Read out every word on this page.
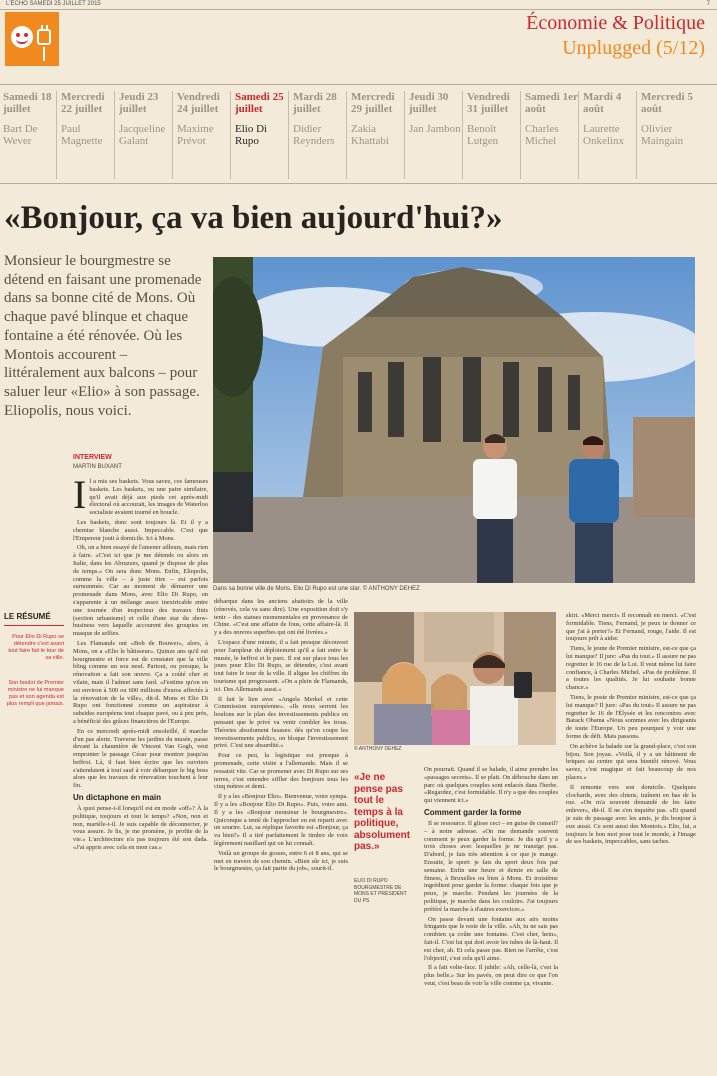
L'ÉCHO SAMEDI 25 JUILLET 2015	7
Économie & Politique
Unplugged (5/12)
Samedi 18 juillet
Bart De Wever
Mercredi 22 juillet
Paul Magnette
Jeudi 23 juillet
Jacqueline Galant
Vendredi 24 juillet
Maxime Prévot
Samedi 25 juillet
Elio Di Rupo
Mardi 28 juillet
Didier Reynders
Mercredi 29 juillet
Zakia Khattabi
Jeudi 30 juillet
Jan Jambon
Vendredi 31 juillet
Benoît Lutgen
Samedi 1er août
Charles Michel
Mardi 4 août
Laurette Onkelinx
Mercredi 5 août
Olivier Maingain
«Bonjour, ça va bien aujourd'hui?»
Monsieur le bourgmestre se détend en faisant une promenade dans sa bonne cité de Mons. Où chaque pavé blinque et chaque fontaine a été rénovée. Où les Montois accourent – littéralement aux balcons – pour saluer leur «Elio» à son passage. Eliopolis, nous voici.
Dans sa bonne ville de Mons, Elio Di Rupo est une star. © ANTHONY DEHEZ
INTERVIEW
MARTIN BUXANT
I l a mis ses baskets. Vous savez, ces fameuses baskets. Les baskets, ou une paire similaire, qu'il avait déjà aux pieds cet après-midi électoral où accourait, les images de Waterloo socialiste avaient tourné en boucle.

Les baskets, donc sont toujours là. Et il y a chemise blanche aussi. Impeccable. C'est que l'Empereur jouit à domicile. Ici à Mons.

Oh, on a bien essayé de l'amener ailleurs, mais rien à faire. «C'est ici que je me détends ou alors en Italie, dans les Abruzzes, quand je dispose de plus de temps.» On sera donc Mons. Enfin, Eliopolis, comme la ville – à juste titre – est parfois surnommée. Car au moment de démarrer une promenade dans Mons, avec Elio Di Rupo, on s'apparente à un mélange assez inextricable entre une tournée d'un inspecteur des travaux finis (section urbanisme) et celle d'une star du show-business vers laquelle accourent des groupies en masque de selfies.

Les Flamands ont «Bob de Bouwer», alors, à Mons, on a «Elio le bâtisseur». Quinze ans qu'il est bourgmestre et force est de constater que la ville bling comme un sou neuf. Partout, ou presque, la rénovation a fait son œuvre. Ça a coûté cher et vilain, mais il l'admet sans fard. «J'estime qu'on en est environ à 500 ou 600 millions d'euros affectés à la rénovation de la ville», dit-il. Mons et Elio Di Rupo ont fonctionné comme un aspirateur à subsides européens tout chaque pavé, ou à peu près, a bénéficié des grâces financières de l'Europe.

En ce mercredi après-midi ensoleillé, il marche d'un pas alerte. Traverse les jardins du musée, passe devant la chaumière de Vincent Van Gogh, veut emprunter le passage César pour montrer jusqu'au beffroi. Là, il faut bien écrire que les ouvriers s'attendaient à tout sauf à voir débarquer le big boss alors que les travaux de rénovation touchent à leur fin.

Un dictaphone en main

À quoi pense-t-il lorsqu'il est en mode «off»? À la politique, toujours et tout le temps? «Non, non et non, martèle-t-il. Je suis capable de déconnecter, je vous assure. Je lis, je me promène, je profite de la vie.» L'architecture n'a pas toujours été son dada. «J'ai appris avec cela en mon cas.»

débarque dans les anciens abattoirs de la ville (rénovés, cela va sans dire). Une exposition doit s'y tenir – des statues monumentales en provenance de Chine. «C'est une affaire de fous, cette affaire-là. Il y a des œuvres superbes qui ont été livrées.»

L'espace d'une minute, il a fait presque découvert pour l'ampleur du déploiement qu'il a fait entre le musée, le beffroi et le parc. Il est sur place tous les jours pour Elio Di Rupo, se détendre, c'est avant tout faire le tour de la ville. Il aligne les chiffres du tourisme qui progressent. «On a plein de Flamands, ici. Des Allemands aussi.»

Il fait le lien avec «Angela Merkel et cette Commission européenne». «Ils nous serrent les boulons sur le plan des investissements publics en pensant que le privé va venir combler les trous. Théories absolument fausses: dès qu'on coupe les investissements publics, on bloque l'investissement privé. C'est une absurdité.»

Pour ce peu, la logistique est presque à promenade, cette visite a l'allemande. Mais il se ressaisit vite. Car se promener avec Di Rupo sur ses terres, c'est entendre siffler des bonjours tous les cinq mètres et demi.

Il y a les «Bonjour Elio». Bienvenue, votre sympa. Il y a les «Bonjour Elio Di Rupo». Puis, votre ami. Il y a les «Bonjour monsieur le bourgmestre». Quiconque a tenté de l'approcher en est reparti avec un sourire. Lui, sa réplique favorite est «Bonjour, ça va bien?» Il a tiré parfaitement le timbre de voix légèrement nasillard qui on lui connaît.

Voilà un groupe de gosses, entre 6 et 8 ans, qui se met en travers de son chemin. «Bien sûr ici, je suis le bourgmestre, ça fait partie du job», sourit-il.

LE RÉSUMÉ
Pour Elio Di Rupo se détendre c'est avant tout faire fait le tour de sa ville.
Son boulot de Premier ministre ne lui manque pas et son agenda est plus rempli que jamais.
© ANTHONY DEHEZ
«Je ne pense pas tout le temps à la politique, absolument pas.»
ELIO DI RUPO BOURGMESTRE DE MONS ET PRÉSIDENT DU PS

On pourrait. Quand il se balade, il aime prendre les «passages secrets». Il se plait. On débouche dans un parc où quelques couples sont enlacés dans l'herbe. «Regardez, c'est formidable. Il n'y a que des couples qui viennent ici.»

Comment garder la forme

Il se ressource. Il glisse ceci – en guise de conseil? – à notre adresse. «On me demande souvent comment je peux garder la forme. Je dis qu'il y a trois choses avec lesquelles je ne transige pas. D'abord, je fais très attention à ce que je mange. Ensuite, le sport: je fais du sport deux fois par semaine. Enfin une heure et demie en salle de fitness, à Bruxelles ou bien à Mons. Et troisième ingrédient pour garder la forme: chaque fois que je peux, je marche. Pendant les journées de la politique, je marche dans les couloirs. J'ai toujours préféré la marche à d'autres exercices.»

On passe devant une fontaine aux airs moins fringants que le reste de la ville. «Ah, tu ne sais pas combien ça coûte une fontaine. C'est cher, hein», fait-il. C'est lui qui doit avoir les tubes de là-haut. Il est cher, ah. Et cela passe pas. Rien ne l'arrête, c'est l'objectif, c'est cela qu'il aime.

Il a fait volte-face. Il jubile: «Ah, celle-là, c'est la plus belle.» Sur les pavés, on peut dire ce que l'on veut, c'est beau de voir la ville comme ça, vivante.

skirt. «Merci merci» Il reconnaît en merci. «C'est formidable. Tiens, Fernand, je peux te donner ce que j'ai à porter?» Et Fernand, rouge, l'aide. Il est toujours prêt à aider.

Tiens, le jeune de Premier ministre, est-ce que ça lui manque? Il jure: «Pas du tout.» Il assure ne pas regretter le 16 rue de la Loi. Il veut même lui faire confiance, à Charles Michel. «Pas de problème. Il a toutes les qualités. Je lui souhaite bonne chance.»

Tiens, le poste de Premier ministre, est-ce que ça lui manque? Il jure: «Pas du tout» Il assure ne pas regretter le 16 de l'Élysée et les rencontres avec Barack Obama «Nous sommes avec les dirigeants de toute l'Europe. Un peu pourquoi y voir une forme de défi. Mais passons.

On achève la balade sur la grand-place, c'est son bijou. Son joyau. «Voilà, il y a un bâtiment de briques au centre qui sera bientôt rénové. Vous savez, c'est magique et fait beaucoup de nos places.»

Il remonte vers son domicile. Quelques clochards, avec des chiens, traînent en bas de la rue. «On m'a souvent demandé de les faire enlever», dit-il. Il ne s'en inquiète pas. «Et quand je suis de passage avec les amis, je dis bonjour à eux aussi. Ce sont aussi des Montois.» Elio, lui, a toujours le bon mot pour tout le monde, à l'image de ses baskets, impeccables, sans taches.
